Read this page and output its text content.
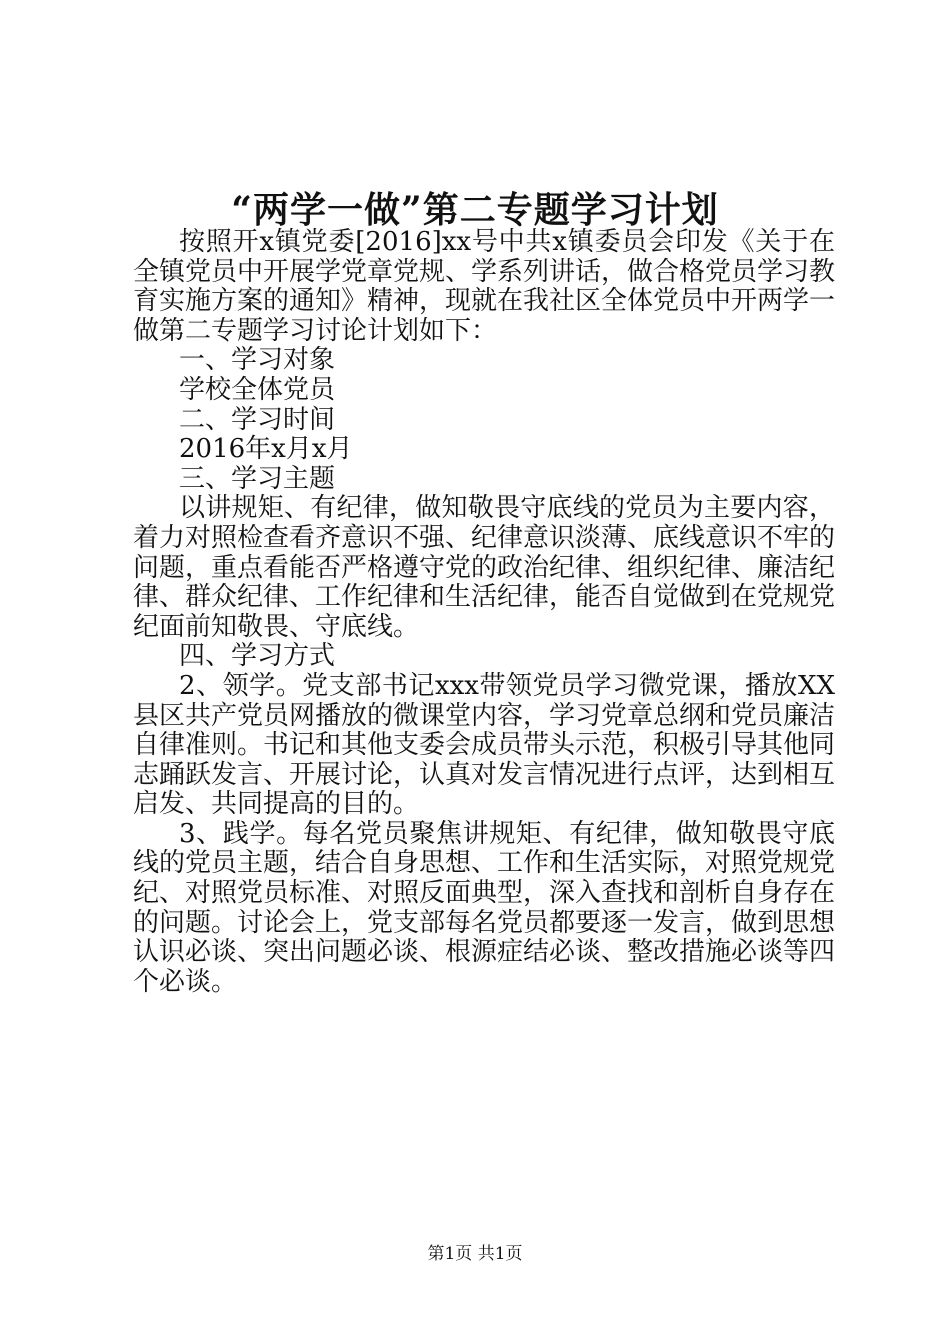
“两学一做”第二专题学习计划

按照开x镇党委[2016]xx号中共x镇委员会印发《关于在全镇党员中开展学党章党规、学系列讲话，做合格党员学习教育实施方案的通知》精神，现就在我社区全体党员中开两学一做第二专题学习讨论计划如下：

一、学习对象

学校全体党员

二、学习时间

2016年x月x月

三、学习主题

以讲规矩、有纪律，做知敬畏守底线的党员为主要内容，着力对照检查看齐意识不强、纪律意识淡薄、底线意识不牢的问题，重点看能否严格遵守党的政治纪律、组织纪律、廉洁纪律、群众纪律、工作纪律和生活纪律，能否自觉做到在党规党纪面前知敬畏、守底线。

四、学习方式

2、领学。党支部书记xxx带领党员学习微党课，播放XX县区共产党员网播放的微课堂内容，学习党章总纲和党员廉洁自律准则。书记和其他支委会成员带头示范，积极引导其他同志踊跃发言、开展讨论，认真对发言情况进行点评，达到相互启发、共同提高的目的。

3、践学。每名党员聚焦讲规矩、有纪律，做知敬畏守底线的党员主题，结合自身思想、工作和生活实际，对照党规党纪、对照党员标准、对照反面典型，深入查找和剖析自身存在的问题。讨论会上，党支部每名党员都要逐一发言，做到思想认识必谈、突出问题必谈、根源症结必谈、整改措施必谈等四个必谈。

第1页 共1页
